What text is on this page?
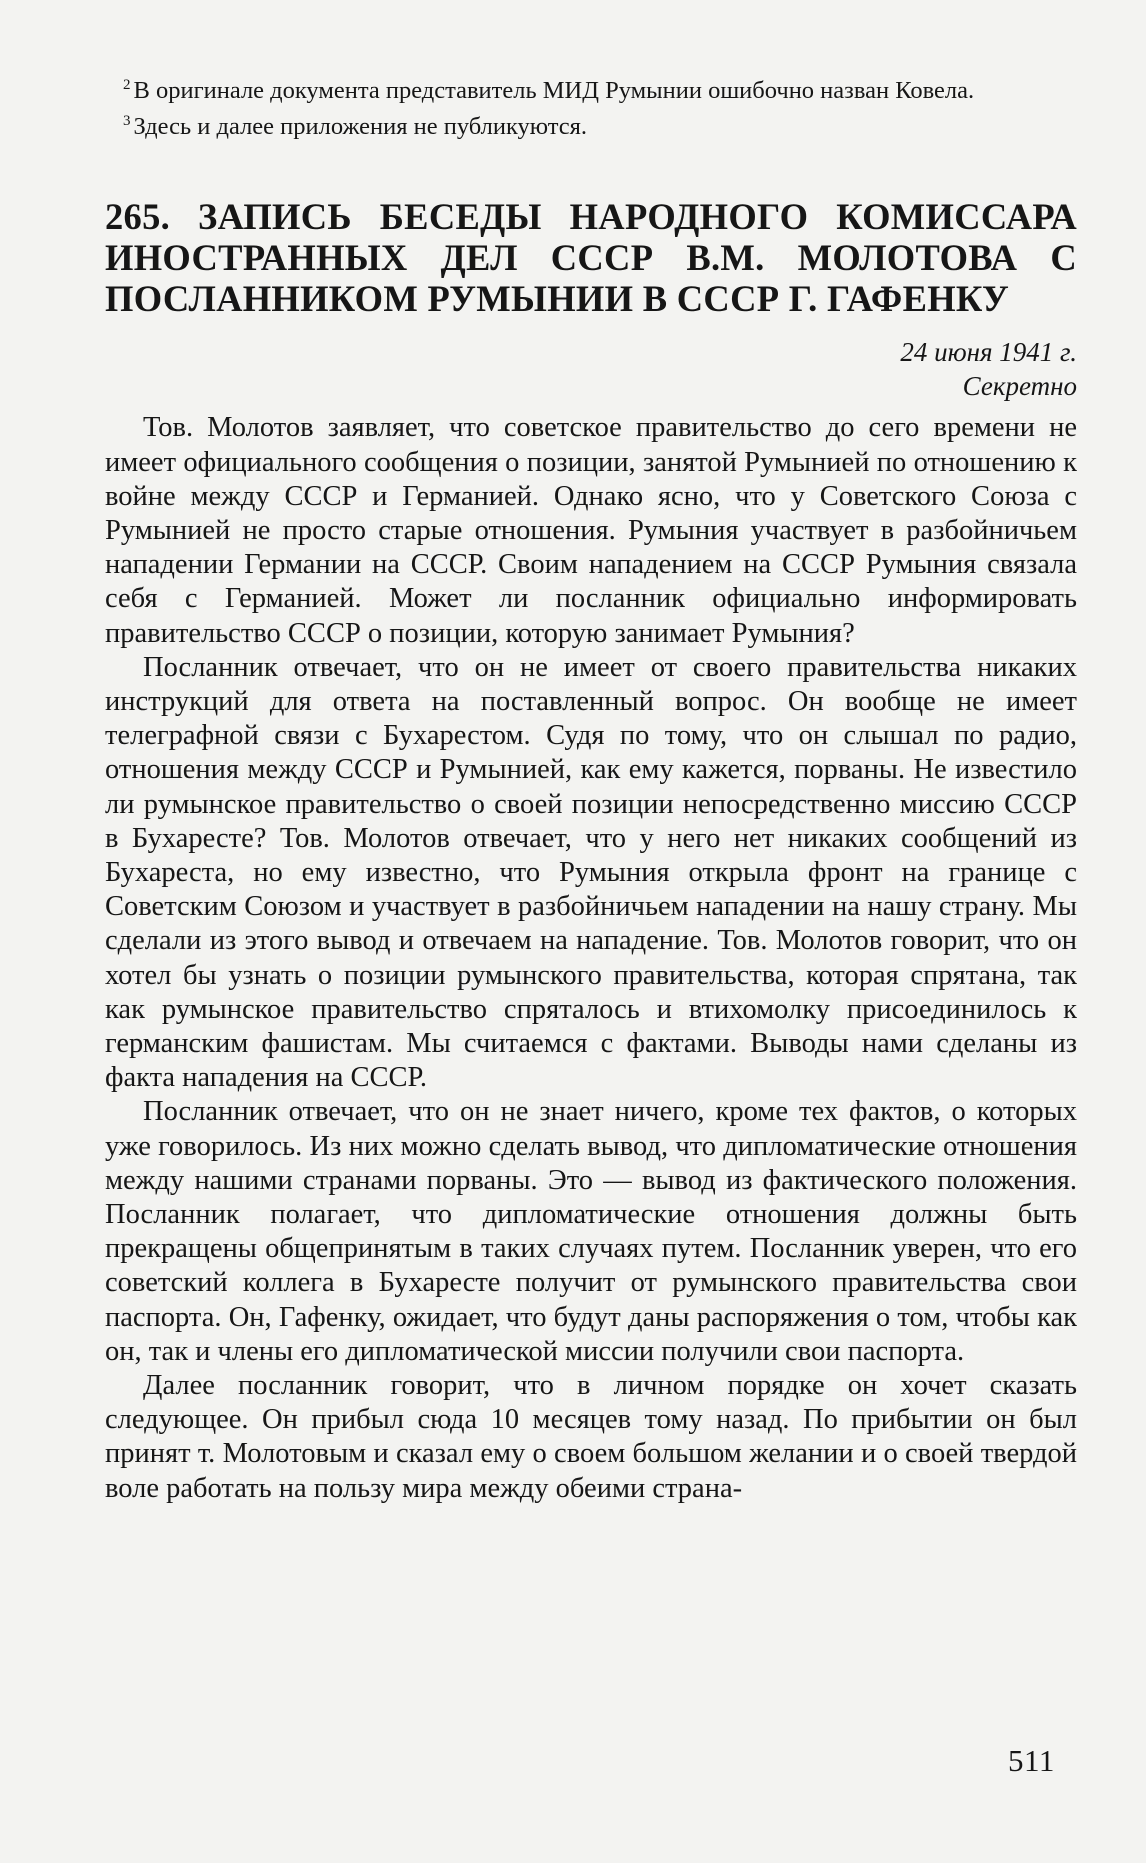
$^2$ В оригинале документа представитель МИД Румынии ошибочно назван Ковела.

$^3$ Здесь и далее приложения не публикуются.

265. ЗАПИСЬ БЕСЕДЫ НАРОДНОГО КОМИССАРА ИНОСТРАННЫХ ДЕЛ СССР В.М. МОЛОТОВА С ПОСЛАННИКОМ РУМЫНИИ В СССР Г. ГАФЕНКУ
24 июня 1941 г.
Секретно

Тов. Молотов заявляет, что советское правительство до сего времени не имеет официального сообщения о позиции, занятой Румынией по отношению к войне между СССР и Германией. Однако ясно, что у Советского Союза с Румынией не просто старые отношения. Румыния участвует в разбойничьем нападении Германии на СССР. Своим нападением на СССР Румыния связала себя с Германией. Может ли посланник официально информировать правительство СССР о позиции, которую занимает Румыния?

Посланник отвечает, что он не имеет от своего правительства никаких инструкций для ответа на поставленный вопрос. Он вообще не имеет телеграфной связи с Бухарестом. Судя по тому, что он слышал по радио, отношения между СССР и Румынией, как ему кажется, порваны. Не известило ли румынское правительство о своей позиции непосредственно миссию СССР в Бухаресте? Тов. Молотов отвечает, что у него нет никаких сообщений из Бухареста, но ему известно, что Румыния открыла фронт на границе с Советским Союзом и участвует в разбойничьем нападении на нашу страну. Мы сделали из этого вывод и отвечаем на нападение. Тов. Молотов говорит, что он хотел бы узнать о позиции румынского правительства, которая спрятана, так как румынское правительство спряталось и втихомолку присоединилось к германским фашистам. Мы считаемся с фактами. Выводы нами сделаны из факта нападения на СССР.

Посланник отвечает, что он не знает ничего, кроме тех фактов, о которых уже говорилось. Из них можно сделать вывод, что дипломатические отношения между нашими странами порваны. Это — вывод из фактического положения. Посланник полагает, что дипломатические отношения должны быть прекращены общепринятым в таких случаях путем. Посланник уверен, что его советский коллега в Бухаресте получит от румынского правительства свои паспорта. Он, Гафенку, ожидает, что будут даны распоряжения о том, чтобы как он, так и члены его дипломатической миссии получили свои паспорта.

Далее посланник говорит, что в личном порядке он хочет сказать следующее. Он прибыл сюда 10 месяцев тому назад. По прибытии он был принят т. Молотовым и сказал ему о своем большом желании и о своей твердой воле работать на пользу мира между обеими страна-

511
